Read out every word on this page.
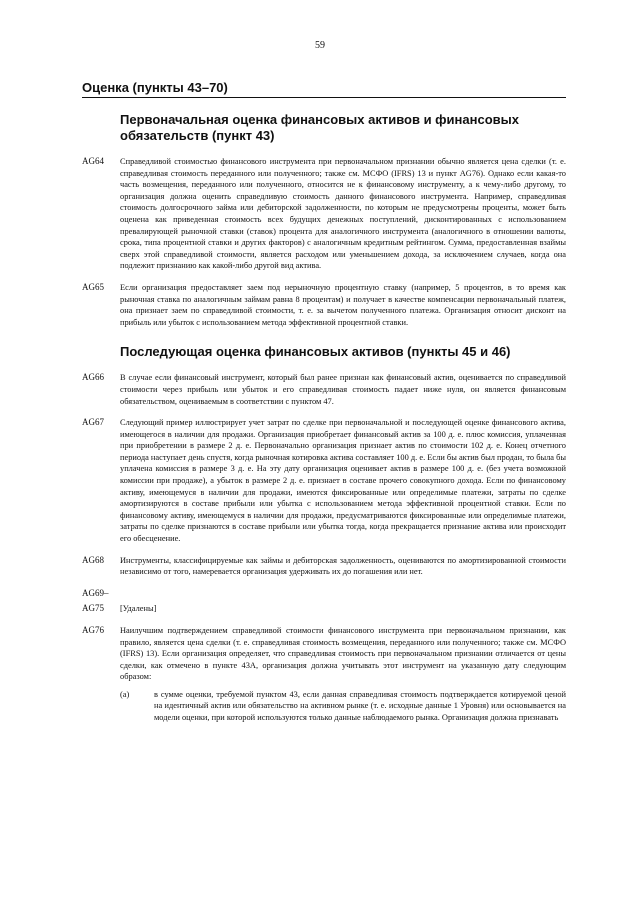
59
Оценка (пункты 43–70)
Первоначальная оценка финансовых активов и финансовых обязательств (пункт 43)
AG64	Справедливой стоимостью финансового инструмента при первоначальном признании обычно является цена сделки (т. е. справедливая стоимость переданного или полученного; также см. МСФО (IFRS) 13 и пункт AG76). Однако если какая-то часть возмещения, переданного или полученного, относится не к финансовому инструменту, а к чему-либо другому, то организация должна оценить справедливую стоимость данного финансового инструмента. Например, справедливая стоимость долгосрочного займа или дебиторской задолженности, по которым не предусмотрены проценты, может быть оценена как приведенная стоимость всех будущих денежных поступлений, дисконтированных с использованием превалирующей рыночной ставки (ставок) процента для аналогичного инструмента (аналогичного в отношении валюты, срока, типа процентной ставки и других факторов) с аналогичным кредитным рейтингом. Сумма, предоставленная взаймы сверх этой справедливой стоимости, является расходом или уменьшением дохода, за исключением случаев, когда она подлежит признанию как какой-либо другой вид актива.
AG65	Если организация предоставляет заем под нерыночную процентную ставку (например, 5 процентов, в то время как рыночная ставка по аналогичным займам равна 8 процентам) и получает в качестве компенсации первоначальный платеж, она признает заем по справедливой стоимости, т. е. за вычетом полученного платежа. Организация относит дисконт на прибыль или убыток с использованием метода эффективной процентной ставки.
Последующая оценка финансовых активов (пункты 45 и 46)
AG66	В случае если финансовый инструмент, который был ранее признан как финансовый актив, оценивается по справедливой стоимости через прибыль или убыток и его справедливая стоимость падает ниже нуля, он является финансовым обязательством, оцениваемым в соответствии с пунктом 47.
AG67	Следующий пример иллюстрирует учет затрат по сделке при первоначальной и последующей оценке финансового актива, имеющегося в наличии для продажи. Организация приобретает финансовый актив за 100 д. е. плюс комиссия, уплаченная при приобретении в размере 2 д. е. Первоначально организация признает актив по стоимости 102 д. е. Конец отчетного периода наступает день спустя, когда рыночная котировка актива составляет 100 д. е. Если бы актив был продан, то была бы уплачена комиссия в размере 3 д. е. На эту дату организация оценивает актив в размере 100 д. е. (без учета возможной комиссии при продаже), а убыток в размере 2 д. е. признает в составе прочего совокупного дохода. Если по финансовому активу, имеющемуся в наличии для продажи, имеются фиксированные или определимые платежи, затраты по сделке амортизируются в составе прибыли или убытка с использованием метода эффективной процентной ставки. Если по финансовому активу, имеющемуся в наличии для продажи, предусматриваются фиксированные или определимые платежи, затраты по сделке признаются в составе прибыли или убытка тогда, когда прекращается признание актива или происходит его обесценение.
AG68	Инструменты, классифицируемые как займы и дебиторская задолженность, оцениваются по амортизированной стоимости независимо от того, намеревается организация удерживать их до погашения или нет.
AG69–
AG75	[Удалены]
AG76	Наилучшим подтверждением справедливой стоимости финансового инструмента при первоначальном признании, как правило, является цена сделки (т. е. справедливая стоимость возмещения, переданного или полученного; также см. МСФО (IFRS) 13). Если организация определяет, что справедливая стоимость при первоначальном признании отличается от цены сделки, как отмечено в пункте 43А, организация должна учитывать этот инструмент на указанную дату следующим образом:
(а)	в сумме оценки, требуемой пунктом 43, если данная справедливая стоимость подтверждается котируемой ценой на идентичный актив или обязательство на активном рынке (т. е. исходные данные 1 Уровня) или основывается на модели оценки, при которой используются только данные наблюдаемого рынка. Организация должна признавать
